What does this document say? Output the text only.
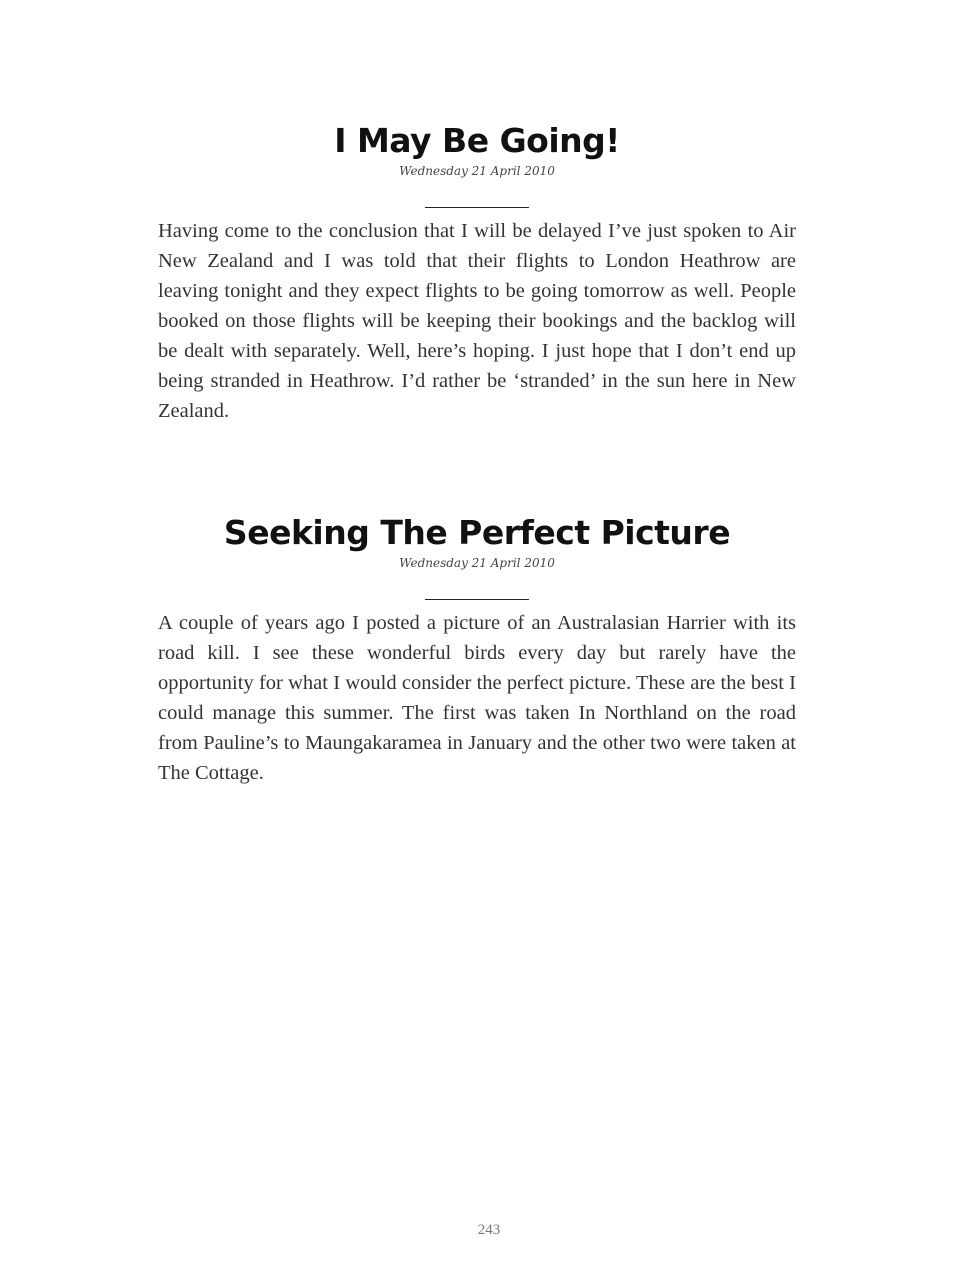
I May Be Going!

Wednesday 21 April 2010

Having come to the conclusion that I will be delayed I’ve just spoken to Air New Zealand and I was told that their flights to London Heathrow are leaving tonight and they expect flights to be going tomorrow as well. People booked on those flights will be keeping their bookings and the backlog will be dealt with separately. Well, here’s hoping. I just hope that I don’t end up being stranded in Heathrow. I’d rather be ‘stranded’ in the sun here in New Zealand.

Seeking The Perfect Picture

Wednesday 21 April 2010

A couple of years ago I posted a picture of an Australasian Harrier with its road kill. I see these wonderful birds every day but rarely have the opportunity for what I would consider the perfect picture. These are the best I could manage this summer. The first was taken In Northland on the road from Pauline’s to Maungakaramea in January and the other two were taken at The Cottage.

243
